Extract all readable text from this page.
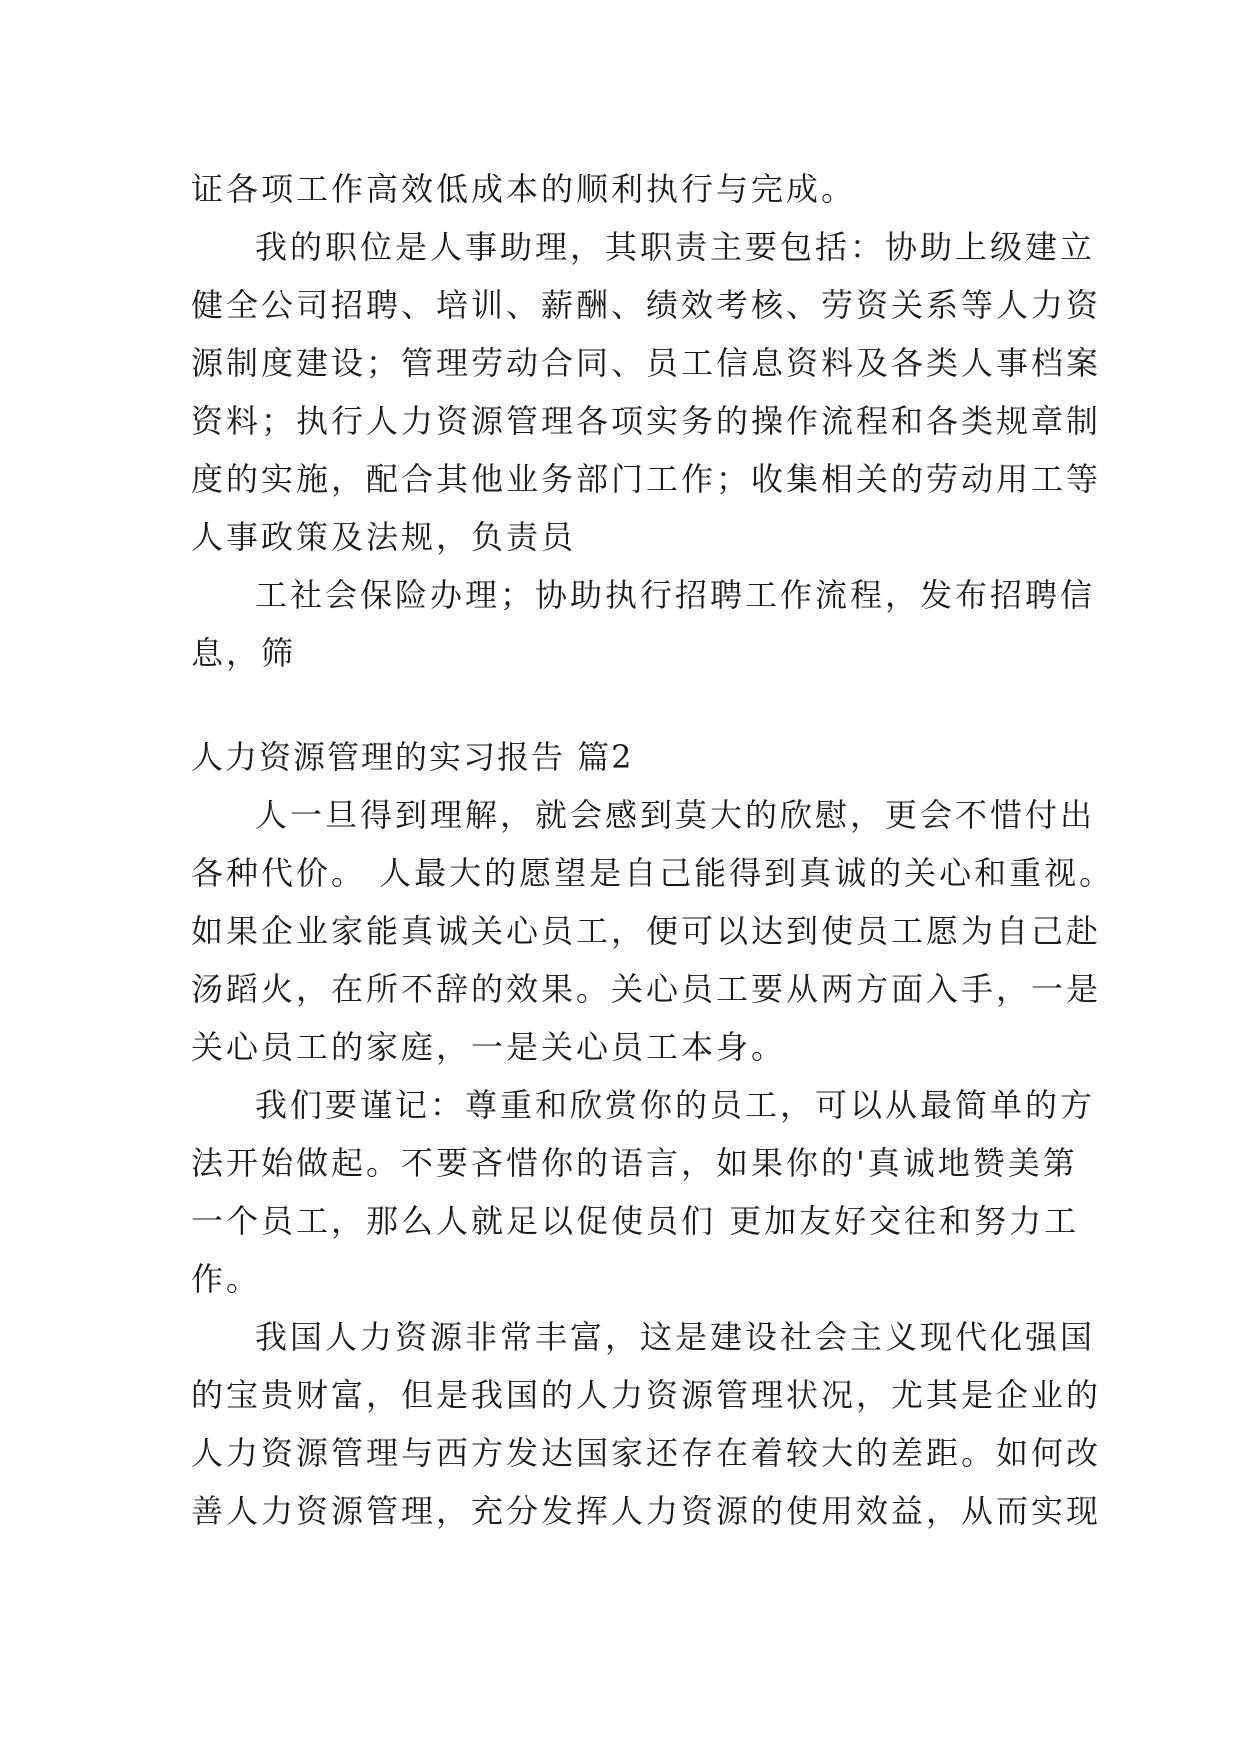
证各项工作高效低成本的顺利执行与完成。
我的职位是人事助理，其职责主要包括：协助上级建立
健全公司招聘、培训、薪酬、绩效考核、劳资关系等人力资
源制度建设；管理劳动合同、员工信息资料及各类人事档案
资料；执行人力资源管理各项实务的操作流程和各类规章制
度的实施，配合其他业务部门工作；收集相关的劳动用工等
人事政策及法规，负责员
工社会保险办理；协助执行招聘工作流程，发布招聘信
息，筛
人力资源管理的实习报告 篇2
人一旦得到理解，就会感到莫大的欣慰，更会不惜付出
各种代价。 人最大的愿望是自己能得到真诚的关心和重视。
如果企业家能真诚关心员工，便可以达到使员工愿为自己赴
汤蹈火，在所不辞的效果。关心员工要从两方面入手，一是
关心员工的家庭，一是关心员工本身。
我们要谨记：尊重和欣赏你的员工，可以从最简单的方
法开始做起。不要吝惜你的语言，如果你的'真诚地赞美第
一个员工，那么人就足以促使员们 更加友好交往和努力工
作。
我国人力资源非常丰富，这是建设社会主义现代化强国
的宝贵财富，但是我国的人力资源管理状况，尤其是企业的
人力资源管理与西方发达国家还存在着较大的差距。如何改
善人力资源管理，充分发挥人力资源的使用效益，从而实现
